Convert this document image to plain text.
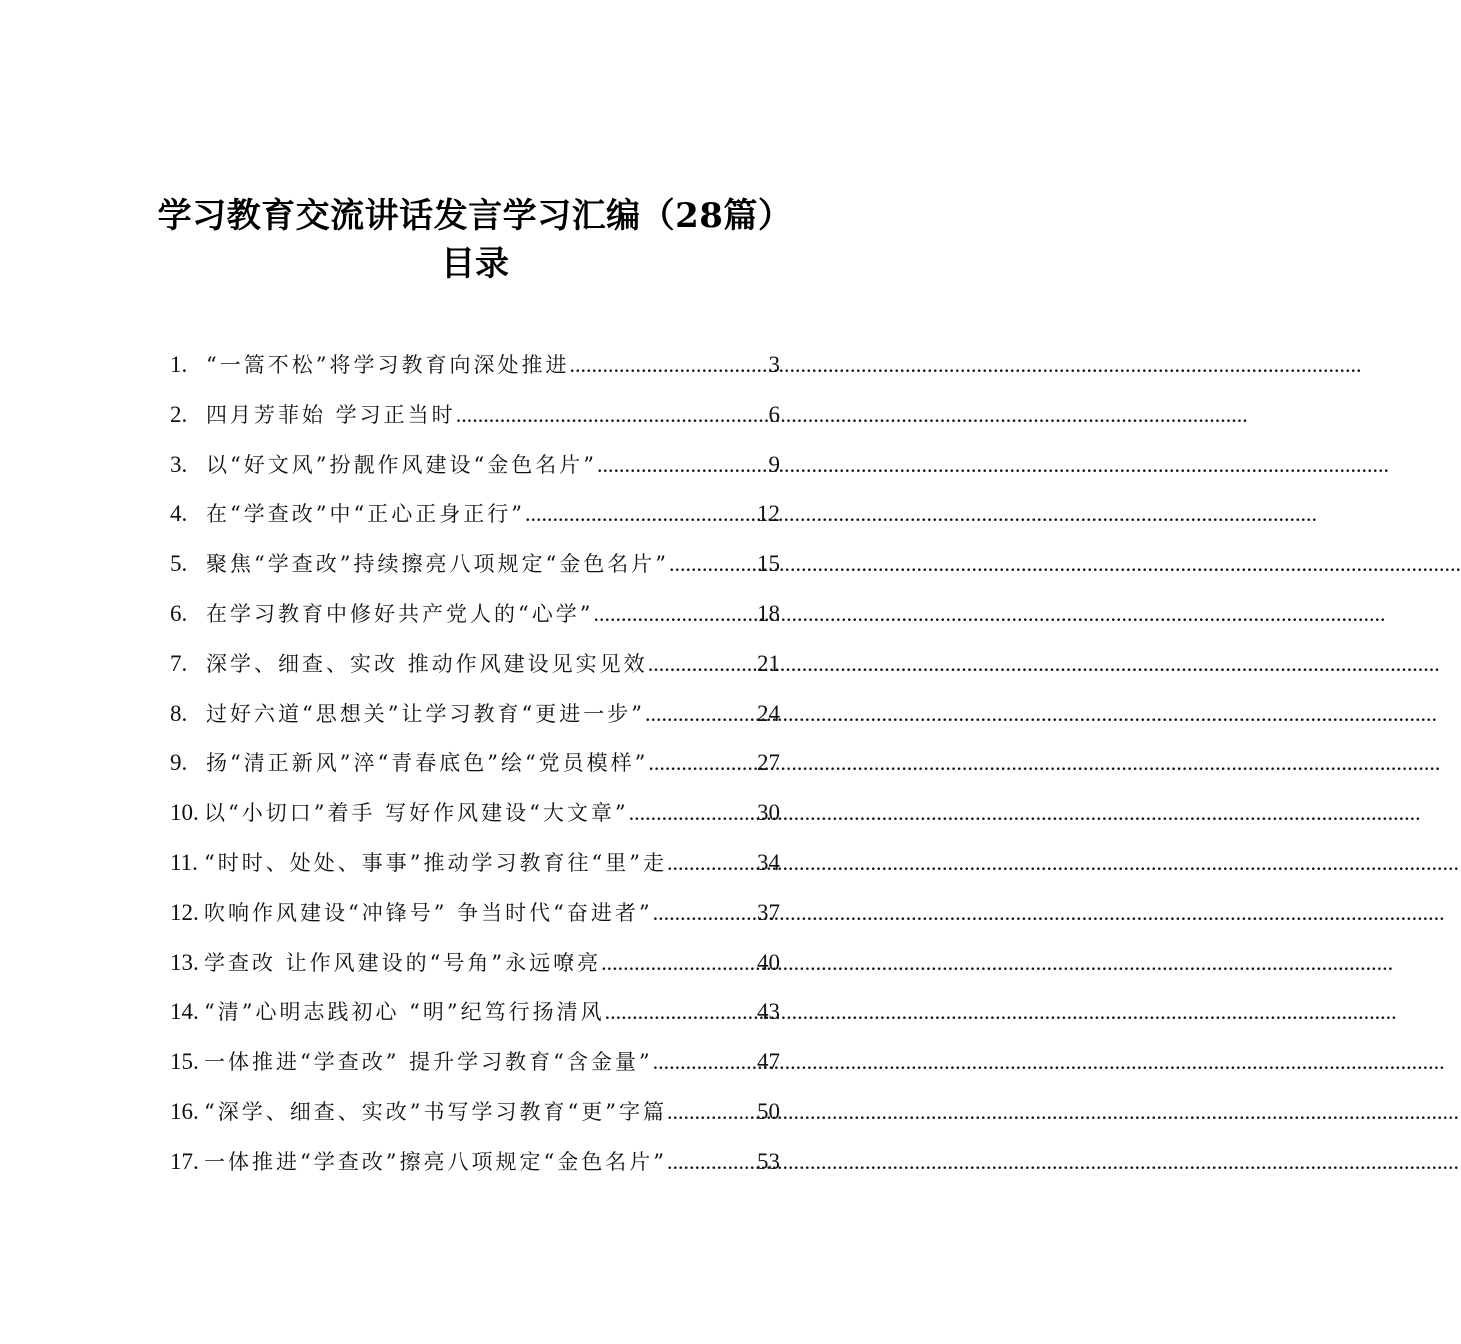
学习教育交流讲话发言学习汇编（28篇）
目录
1. “一篙不松”将学习教育向深处推进 .....	3
2. 四月芳菲始 学习正当时 .....	6
3. 以“好文风”扮靓作风建设“金色名片” .....	9
4. 在“学查改”中“正心正身正行” .....	12
5. 聚焦“学查改”持续擦亮八项规定“金色名片” .....	15
6. 在学习教育中修好共产党人的“心学” .....	18
7. 深学、细查、实改 推动作风建设见实见效 .....	21
8. 过好六道“思想关”让学习教育“更进一步” .....	24
9. 扬“清正新风”淬“青春底色”绘“党员模样” .....	27
10. 以“小切口”着手 写好作风建设“大文章” .....	30
11. “时时、处处、事事”推动学习教育往“里”走 .....	34
12. 吹响作风建设“冲锋号” 争当时代“奋进者” .....	37
13. 学查改 让作风建设的“号角”永远嘹亮 .....	40
14. “清”心明志践初心 “明”纪笃行扬清风 .....	43
15. 一体推进“学查改” 提升学习教育“含金量” .....	47
16. “深学、细查、实改”书写学习教育“更”字篇 .....	50
17. 一体推进“学查改”擦亮八项规定“金色名片” .....	53
